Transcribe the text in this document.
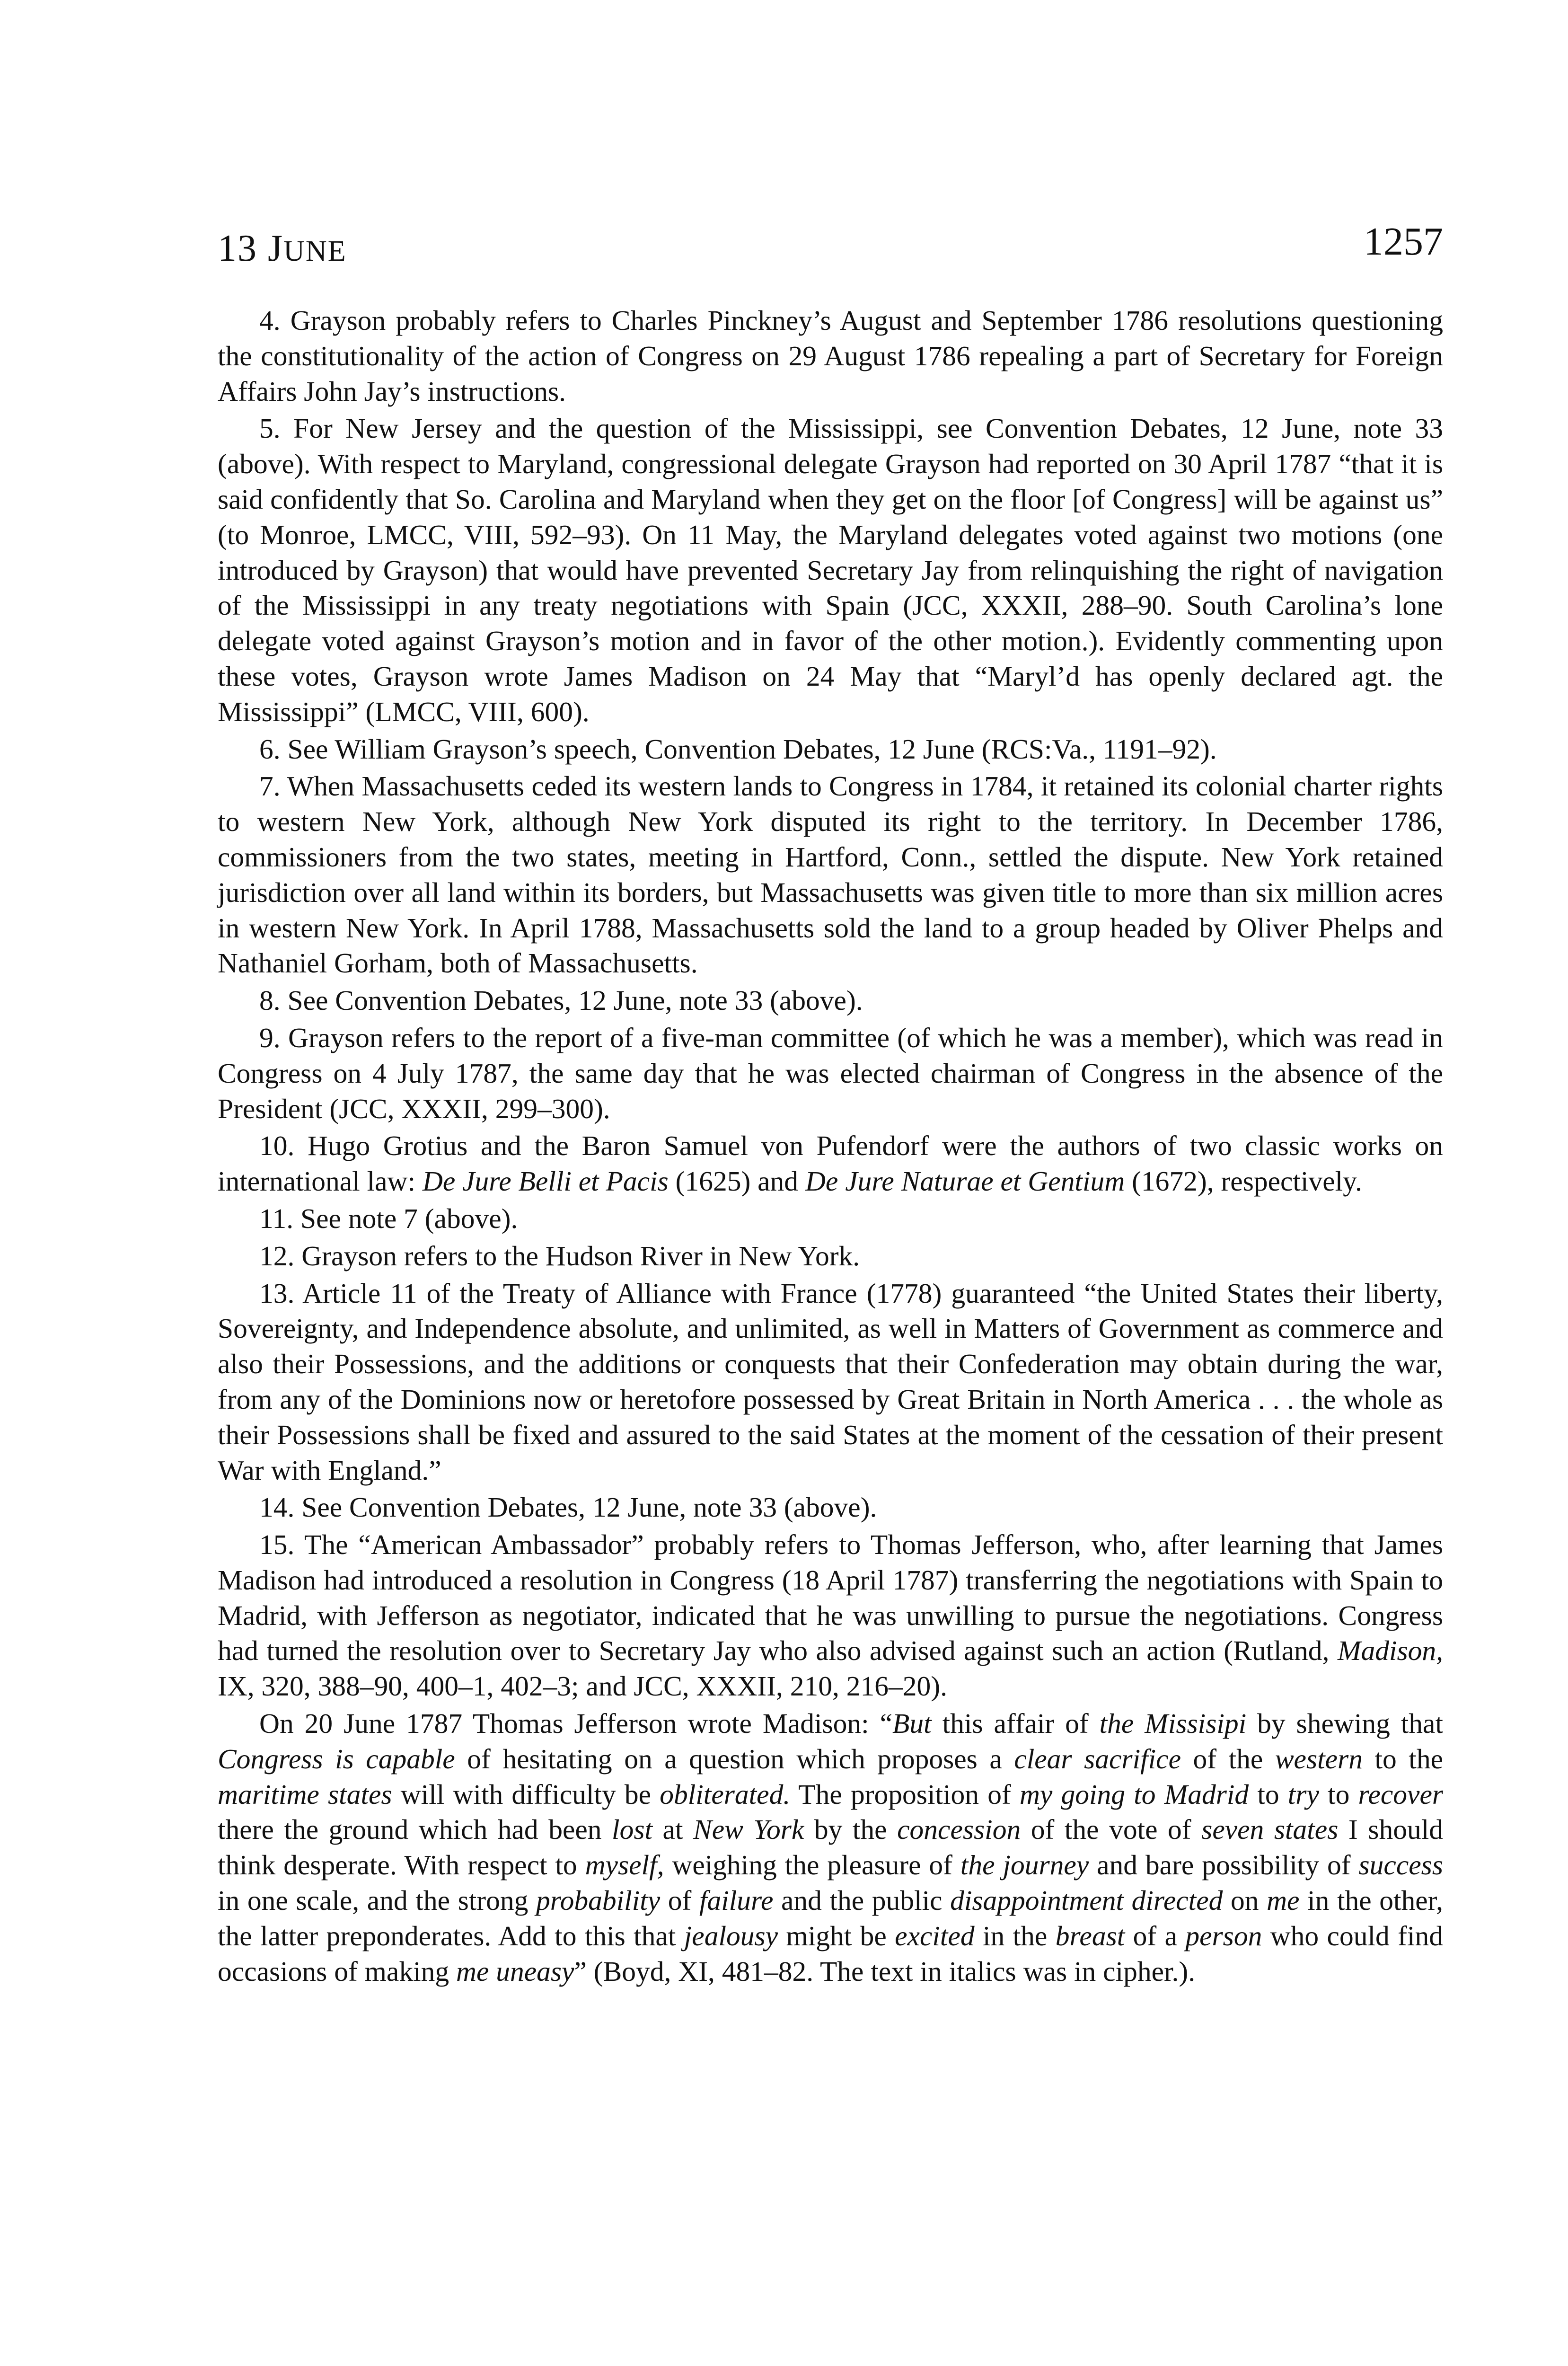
13 JUNE	1257

4. Grayson probably refers to Charles Pinckney’s August and September 1786 resolutions questioning the constitutionality of the action of Congress on 29 August 1786 repealing a part of Secretary for Foreign Affairs John Jay’s instructions.

5. For New Jersey and the question of the Mississippi, see Convention Debates, 12 June, note 33 (above). With respect to Maryland, congressional delegate Grayson had reported on 30 April 1787 “that it is said confidently that So. Carolina and Maryland when they get on the floor [of Congress] will be against us” (to Monroe, LMCC, VIII, 592–93). On 11 May, the Maryland delegates voted against two motions (one introduced by Grayson) that would have prevented Secretary Jay from relinquishing the right of navigation of the Mississippi in any treaty negotiations with Spain (JCC, XXXII, 288–90. South Carolina’s lone delegate voted against Grayson’s motion and in favor of the other motion.). Evidently commenting upon these votes, Grayson wrote James Madison on 24 May that “Maryl’d has openly declared agt. the Mississippi” (LMCC, VIII, 600).

6. See William Grayson’s speech, Convention Debates, 12 June (RCS:Va., 1191–92).

7. When Massachusetts ceded its western lands to Congress in 1784, it retained its colonial charter rights to western New York, although New York disputed its right to the territory. In December 1786, commissioners from the two states, meeting in Hartford, Conn., settled the dispute. New York retained jurisdiction over all land within its borders, but Massachusetts was given title to more than six million acres in western New York. In April 1788, Massachusetts sold the land to a group headed by Oliver Phelps and Nathaniel Gorham, both of Massachusetts.

8. See Convention Debates, 12 June, note 33 (above).

9. Grayson refers to the report of a five-man committee (of which he was a member), which was read in Congress on 4 July 1787, the same day that he was elected chairman of Congress in the absence of the President (JCC, XXXII, 299–300).

10. Hugo Grotius and the Baron Samuel von Pufendorf were the authors of two classic works on international law: De Jure Belli et Pacis (1625) and De Jure Naturae et Gentium (1672), respectively.

11. See note 7 (above).

12. Grayson refers to the Hudson River in New York.

13. Article 11 of the Treaty of Alliance with France (1778) guaranteed “the United States their liberty, Sovereignty, and Independence absolute, and unlimited, as well in Matters of Government as commerce and also their Possessions, and the additions or conquests that their Confederation may obtain during the war, from any of the Dominions now or heretofore possessed by Great Britain in North America . . . the whole as their Possessions shall be fixed and assured to the said States at the moment of the cessation of their present War with England.”

14. See Convention Debates, 12 June, note 33 (above).

15. The “American Ambassador” probably refers to Thomas Jefferson, who, after learning that James Madison had introduced a resolution in Congress (18 April 1787) transferring the negotiations with Spain to Madrid, with Jefferson as negotiator, indicated that he was unwilling to pursue the negotiations. Congress had turned the resolution over to Secretary Jay who also advised against such an action (Rutland, Madison, IX, 320, 388–90, 400–1, 402–3; and JCC, XXXII, 210, 216–20).

On 20 June 1787 Thomas Jefferson wrote Madison: “But this affair of the Missisipi by shewing that Congress is capable of hesitating on a question which proposes a clear sacrifice of the western to the maritime states will with difficulty be obliterated. The proposition of my going to Madrid to try to recover there the ground which had been lost at New York by the concession of the vote of seven states I should think desperate. With respect to myself, weighing the pleasure of the journey and bare possibility of success in one scale, and the strong probability of failure and the public disappointment directed on me in the other, the latter preponderates. Add to this that jealousy might be excited in the breast of a person who could find occasions of making me uneasy” (Boyd, XI, 481–82. The text in italics was in cipher.).
